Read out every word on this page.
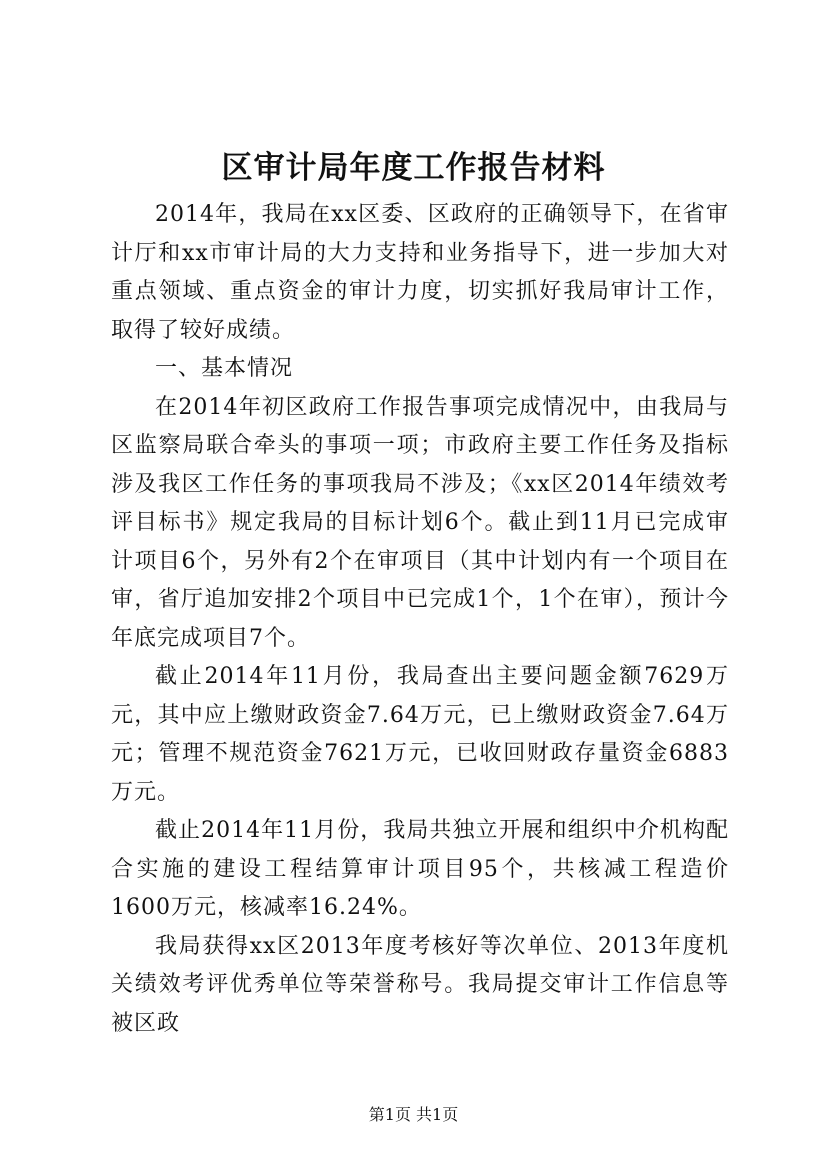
区审计局年度工作报告材料

2014年，我局在xx区委、区政府的正确领导下，在省审计厅和xx市审计局的大力支持和业务指导下，进一步加大对重点领域、重点资金的审计力度，切实抓好我局审计工作，取得了较好成绩。

一、基本情况

在2014年初区政府工作报告事项完成情况中，由我局与区监察局联合牵头的事项一项；市政府主要工作任务及指标涉及我区工作任务的事项我局不涉及；《xx区2014年绩效考评目标书》规定我局的目标计划6个。截止到11月已完成审计项目6个，另外有2个在审项目（其中计划内有一个项目在审，省厅追加安排2个项目中已完成1个，1个在审），预计今年底完成项目7个。

截止2014年11月份，我局查出主要问题金额7629万元，其中应上缴财政资金7.64万元，已上缴财政资金7.64万元；管理不规范资金7621万元，已收回财政存量资金6883万元。

截止2014年11月份，我局共独立开展和组织中介机构配合实施的建设工程结算审计项目95个，共核减工程造价1600万元，核减率16.24%。

我局获得xx区2013年度考核好等次单位、2013年度机关绩效考评优秀单位等荣誉称号。我局提交审计工作信息等被区政

第1页 共1页
